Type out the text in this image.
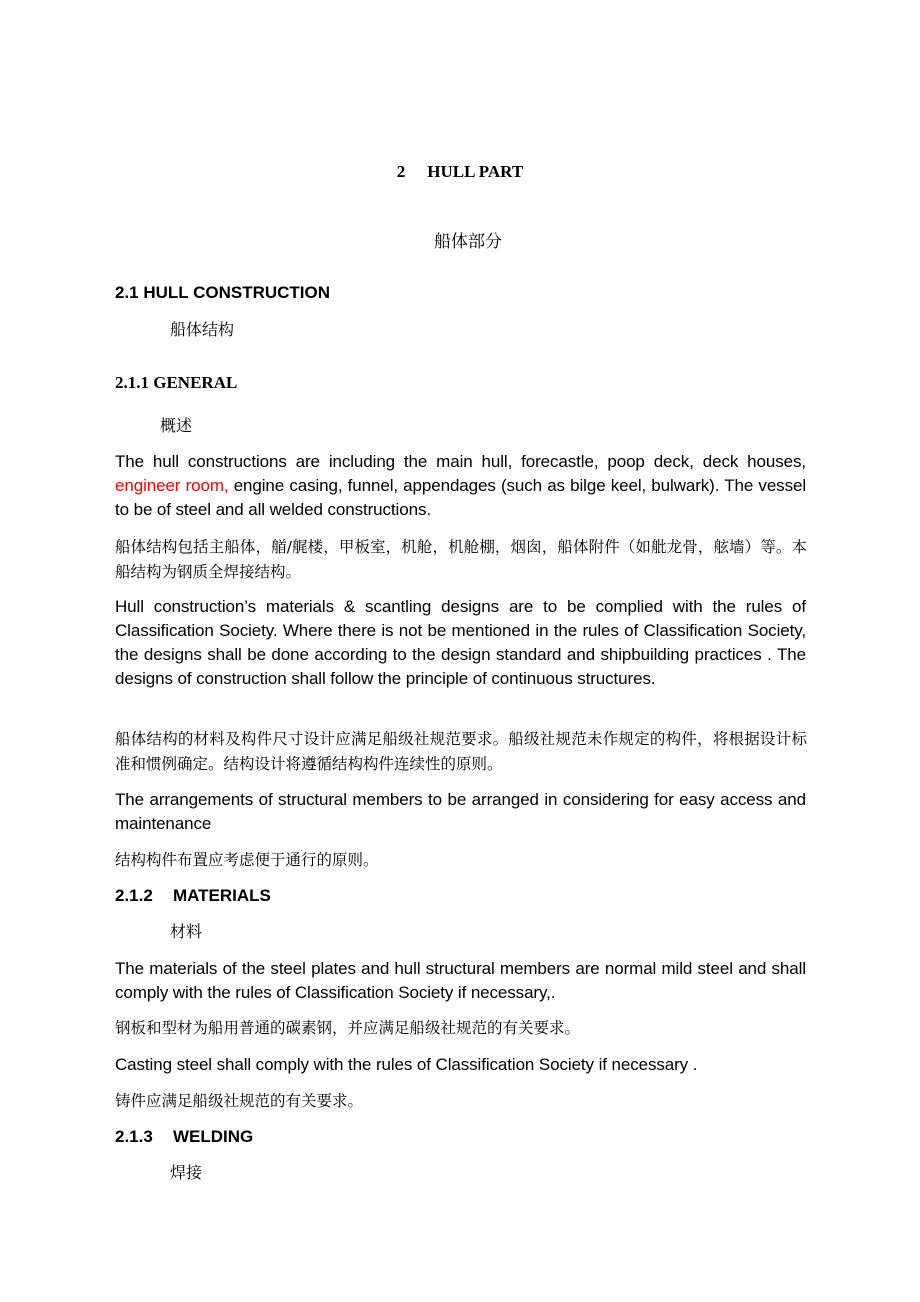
2 HULL PART
船体部分
2.1 HULL CONSTRUCTION
船体结构
2.1.1 GENERAL
概述

The hull constructions are including the main hull, forecastle, poop deck, deck houses, engineer room, engine casing, funnel, appendages (such as bilge keel, bulwark). The vessel to be of steel and all welded constructions.

船体结构包括主船体，艏/艉楼，甲板室，机舱，机舱棚，烟囱，船体附件（如舭龙骨，舷墙）等。本船结构为钢质全焊接结构。

Hull construction’s materials & scantling designs are to be complied with the rules of Classification Society. Where there is not be mentioned in the rules of Classification Society, the designs shall be done according to the design standard and shipbuilding practices . The designs of construction shall follow the principle of continuous structures.

船体结构的材料及构件尺寸设计应满足船级社规范要求。船级社规范未作规定的构件，将根据设计标准和惯例确定。结构设计将遵循结构构件连续性的原则。

The arrangements of structural members to be arranged in considering for easy access and maintenance

结构构件布置应考虑便于通行的原则。

2.1.2 MATERIALS
材料

The materials of the steel plates and hull structural members are normal mild steel and shall comply with the rules of Classification Society if necessary,.

钢板和型材为船用普通的碳素钢，并应满足船级社规范的有关要求。

Casting steel shall comply with the rules of Classification Society if necessary .

铸件应满足船级社规范的有关要求。

2.1.3 WELDING
焊接
